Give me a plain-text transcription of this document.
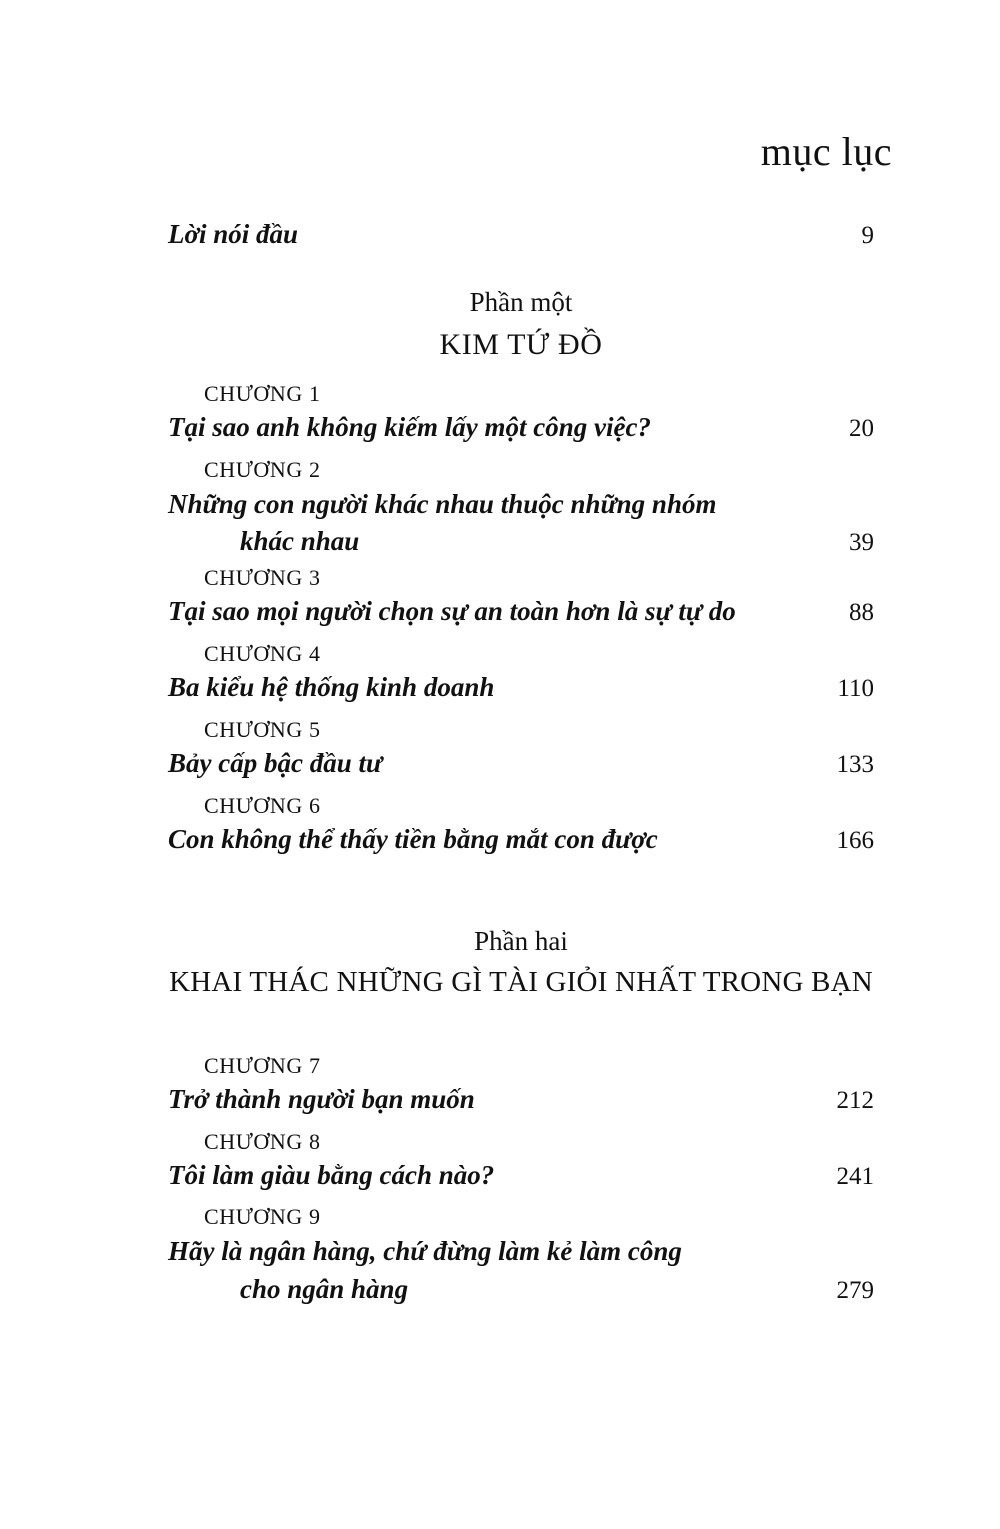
mục lục
Lời nói đầu	9
Phần một
KIM TỨ ĐỒ
CHƯƠNG 1
Tại sao anh không kiếm lấy một công việc?	20
CHƯƠNG 2
Những con người khác nhau thuộc những nhóm
khác nhau	39
CHƯƠNG 3
Tại sao mọi người chọn sự an toàn hơn là sự tự do	88
CHƯƠNG 4
Ba kiểu hệ thống kinh doanh	110
CHƯƠNG 5
Bảy cấp bậc đầu tư	133
CHƯƠNG 6
Con không thể thấy tiền bằng mắt con được	166
Phần hai
KHAI THÁC NHỮNG GÌ TÀI GIỎI NHẤT TRONG BẠN
CHƯƠNG 7
Trở thành người bạn muốn	212
CHƯƠNG 8
Tôi làm giàu bằng cách nào?	241
CHƯƠNG 9
Hãy là ngân hàng, chứ đừng làm kẻ làm công
cho ngân hàng	279
